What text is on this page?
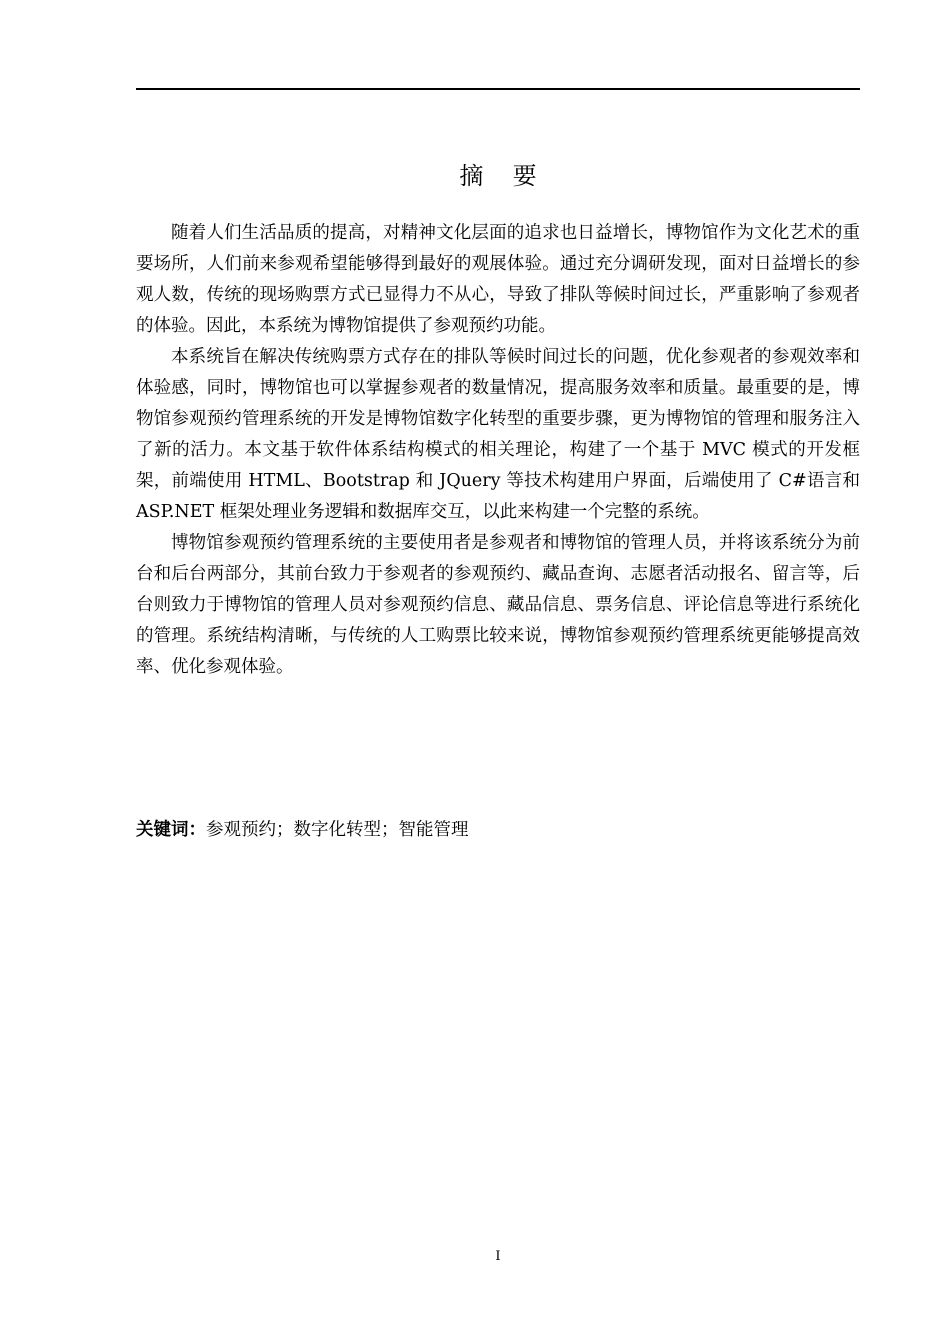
摘 要

随着人们生活品质的提高，对精神文化层面的追求也日益增长，博物馆作为文化艺术的重要场所，人们前来参观希望能够得到最好的观展体验。通过充分调研发现，面对日益增长的参观人数，传统的现场购票方式已显得力不从心，导致了排队等候时间过长，严重影响了参观者的体验。因此，本系统为博物馆提供了参观预约功能。

本系统旨在解决传统购票方式存在的排队等候时间过长的问题，优化参观者的参观效率和体验感，同时，博物馆也可以掌握参观者的数量情况，提高服务效率和质量。最重要的是，博物馆参观预约管理系统的开发是博物馆数字化转型的重要步骤，更为博物馆的管理和服务注入了新的活力。本文基于软件体系结构模式的相关理论，构建了一个基于 MVC 模式的开发框架，前端使用 HTML、Bootstrap 和 JQuery 等技术构建用户界面，后端使用了 C#语言和 ASP.NET 框架处理业务逻辑和数据库交互，以此来构建一个完整的系统。

博物馆参观预约管理系统的主要使用者是参观者和博物馆的管理人员，并将该系统分为前台和后台两部分，其前台致力于参观者的参观预约、藏品查询、志愿者活动报名、留言等，后台则致力于博物馆的管理人员对参观预约信息、藏品信息、票务信息、评论信息等进行系统化的管理。系统结构清晰，与传统的人工购票比较来说，博物馆参观预约管理系统更能够提高效率、优化参观体验。

关键词：参观预约；数字化转型；智能管理
I
